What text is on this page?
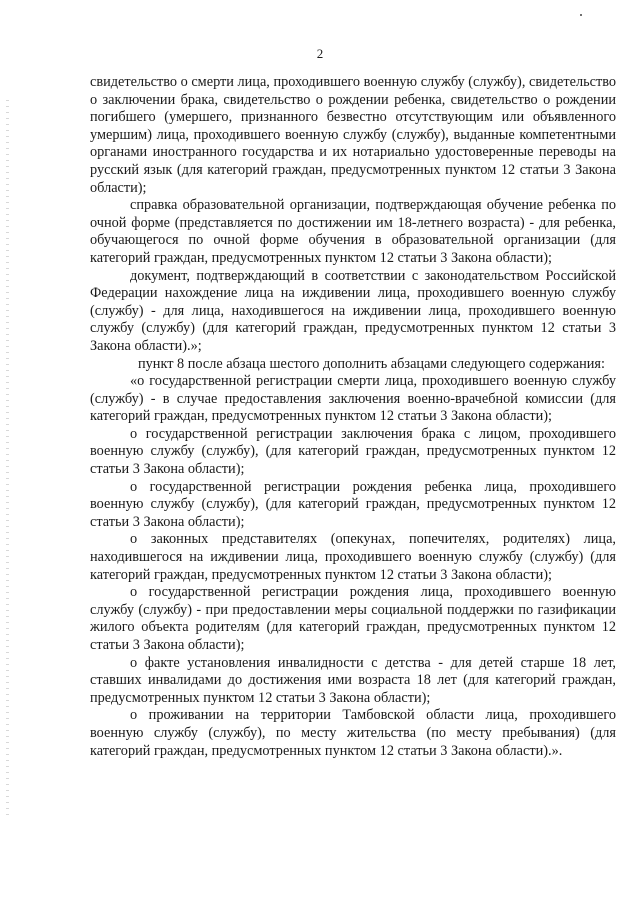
2

свидетельство о смерти лица, проходившего военную службу (службу), свидетельство о заключении брака, свидетельство о рождении ребенка, свидетельство о рождении погибшего (умершего, признанного безвестно отсутствующим или объявленного умершим) лица, проходившего военную службу (службу), выданные компетентными органами иностранного государства и их нотариально удостоверенные переводы на русский язык (для категорий граждан, предусмотренных пунктом 12 статьи 3 Закона области);

справка образовательной организации, подтверждающая обучение ребенка по очной форме (представляется по достижении им 18-летнего возраста) - для ребенка, обучающегося по очной форме обучения в образовательной организации (для категорий граждан, предусмотренных пунктом 12 статьи 3 Закона области);

документ, подтверждающий в соответствии с законодательством Российской Федерации нахождение лица на иждивении лица, проходившего военную службу (службу) - для лица, находившегося на иждивении лица, проходившего военную службу (службу) (для категорий граждан, предусмотренных пунктом 12 статьи 3 Закона области).»;

пункт 8 после абзаца шестого дополнить абзацами следующего содержания:

«о государственной регистрации смерти лица, проходившего военную службу (службу) - в случае предоставления заключения военно-врачебной комиссии (для категорий граждан, предусмотренных пунктом 12 статьи 3 Закона области);

о государственной регистрации заключения брака с лицом, проходившего военную службу (службу), (для категорий граждан, предусмотренных пунктом 12 статьи 3 Закона области);

о государственной регистрации рождения ребенка лица, проходившего военную службу (службу), (для категорий граждан, предусмотренных пунктом 12 статьи 3 Закона области);

о законных представителях (опекунах, попечителях, родителях) лица, находившегося на иждивении лица, проходившего военную службу (службу) (для категорий граждан, предусмотренных пунктом 12 статьи 3 Закона области);

о государственной регистрации рождения лица, проходившего военную службу (службу) - при предоставлении меры социальной поддержки по газификации жилого объекта родителям (для категорий граждан, предусмотренных пунктом 12 статьи 3 Закона области);

о факте установления инвалидности с детства - для детей старше 18 лет, ставших инвалидами до достижения ими возраста 18 лет (для категорий граждан, предусмотренных пунктом 12 статьи 3 Закона области);

о проживании на территории Тамбовской области лица, проходившего военную службу (службу), по месту жительства (по месту пребывания) (для категорий граждан, предусмотренных пунктом 12 статьи 3 Закона области).».
